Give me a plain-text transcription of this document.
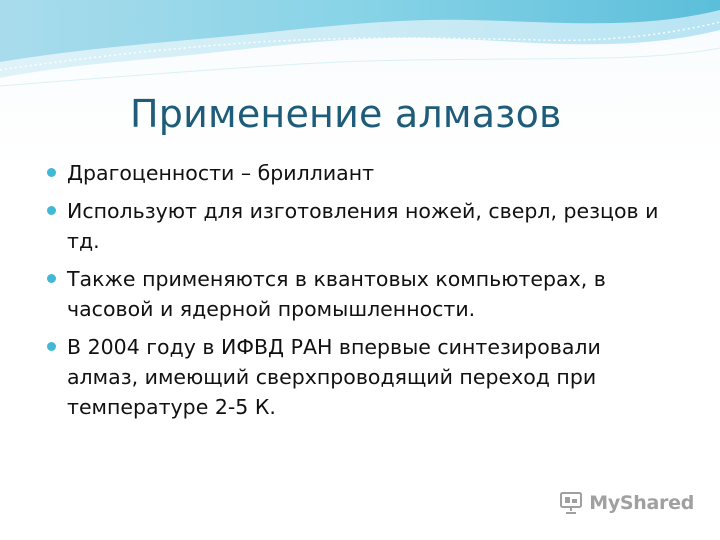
Применение алмазов
Драгоценности – бриллиант
Используют для изготовления ножей, сверл, резцов и тд.
Также применяются в квантовых компьютерах, в часовой и ядерной промышленности.
В 2004 году в ИФВД РАН впервые синтезировали алмаз, имеющий сверхпроводящий переход при температуре 2-5 К.
MyShared
